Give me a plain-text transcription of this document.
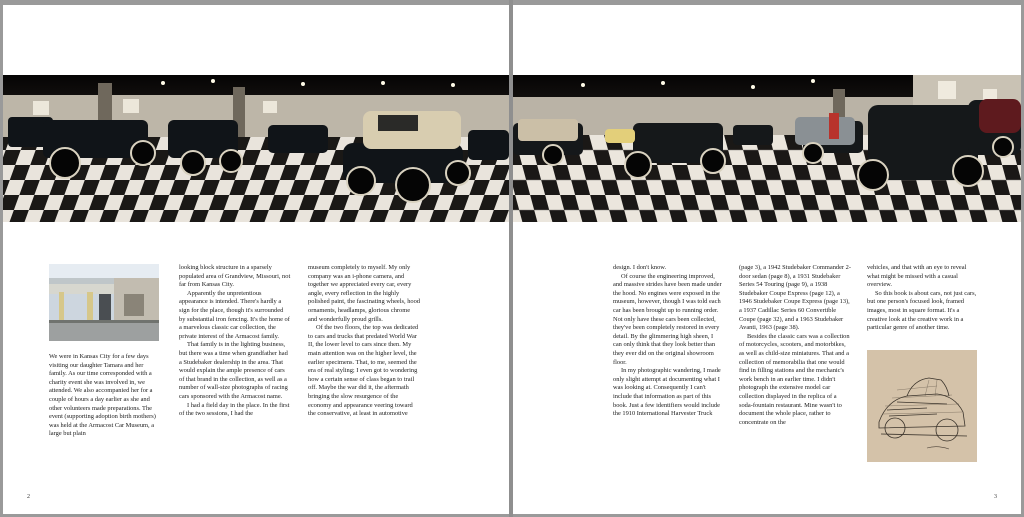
We were in Kansas City for a few days visiting our daughter Tamara and her family. As our time corresponded with a charity event she was involved in, we attended. We also accompanied her for a couple of hours a day earlier as she and other volunteers made preparations. The event (supporting adoption birth mothers) was held at the Armacost Car Museum, a large but plain

looking block structure in a sparsely populated area of Grandview, Missouri, not far from Kansas City.

Apparently the unpretentious appearance is intended. There's hardly a sign for the place, though it's surrounded by substantial iron fencing. It's the home of a marvelous classic car collection, the private interest of the Armacost family.

That family is in the lighting business, but there was a time when grandfather had a Studebaker dealership in the area. That would explain the ample presence of cars of that brand in the collection, as well as a number of wall-size photographs of racing cars sponsored with the Armacost name.

I had a field day in the place. In the first of the two sessions, I had the

museum completely to myself. My only company was an i-phone camera, and together we appreciated every car, every angle, every reflection in the highly polished paint, the fascinating wheels, hood ornaments, headlamps, glorious chrome and wonderfully proud grills.

Of the two floors, the top was dedicated to cars and trucks that predated World War II, the lower level to cars since then. My main attention was on the higher level, the earlier specimens. That, to me, seemed the era of real styling; I even got to wondering how a certain sense of class began to trail off. Maybe the war did it, the aftermath bringing the slow resurgence of the economy and appearance veering toward the conservative, at least in automotive

2

design. I don't know.

Of course the engineering improved, and massive strides have been made under the hood. No engines were exposed in the museum, however, though I was told each car has been brought up to running order. Not only have these cars been collected, they've been completely restored in every detail. By the glimmering high sheen, I can only think that they look better than they ever did on the original showroom floor.

In my photographic wandering, I made only slight attempt at documenting what I was looking at. Consequently I can't include that information as part of this book. Just a few identifiers would include the 1910 International Harvester Truck

(page 3), a 1942 Studebaker Commander 2-door sedan (page 8), a 1931 Studebaker Series 54 Touring (page 9), a 1938 Studebaker Coupe Express (page 12), a 1946 Studebaker Coupe Express (page 13), a 1937 Cadillac Series 60 Convertible Coupe (page 32), and a 1963 Studebaker Avanti, 1963 (page 38).

Besides the classic cars was a collection of motorcycles, scooters, and motorbikes, as well as child-size miniatures. That and a collection of memorabilia that one would find in filling stations and the mechanic's work bench in an earlier time. I didn't photograph the extensive model car collection displayed in the replica of a soda-fountain restaurant. Mine wasn't to document the whole place, rather to concentrate on the

vehicles, and that with an eye to reveal what might be missed with a casual overview.

So this book is about cars, not just cars, but one person's focused look, framed images, most in square format. It's a creative look at the creative work in a particular genre of another time.

3
